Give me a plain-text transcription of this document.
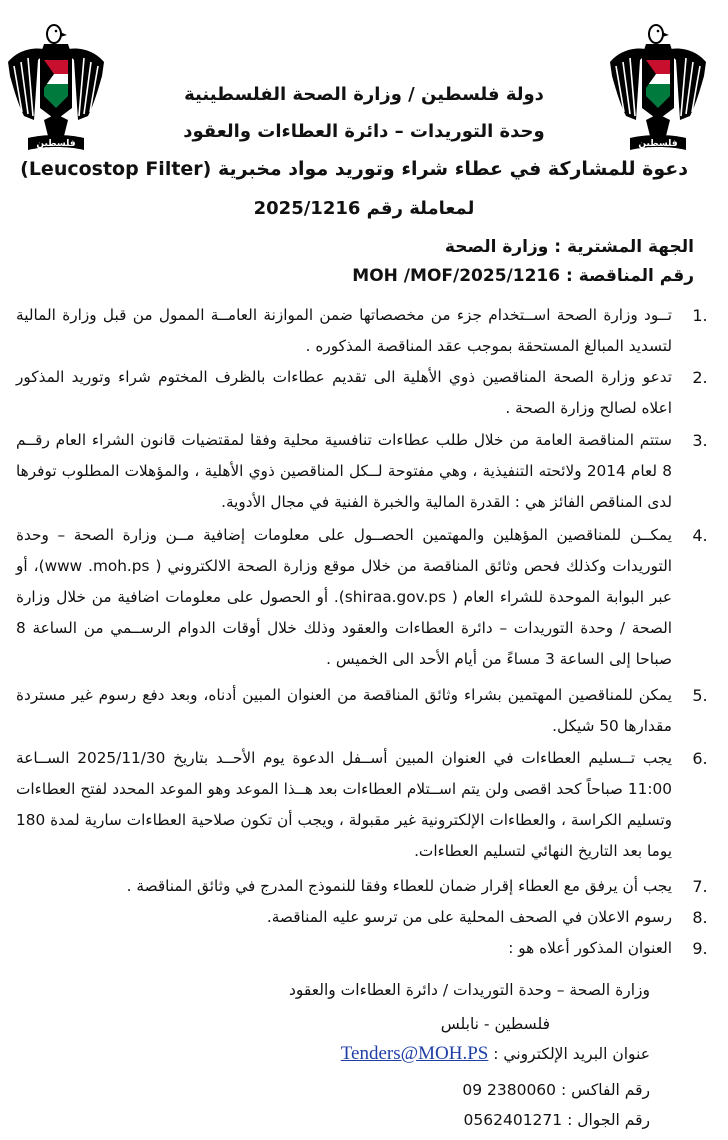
فلسطين	فلسطين
دولة فلسطين / وزارة الصحة الفلسطينية
وحدة التوريدات – دائرة العطاءات والعقود
دعوة للمشاركة في عطاء شراء وتوريد مواد مخبرية (Leucostop Filter)
لمعاملة رقم 2025/1216
الجهة المشترية : وزارة الصحة
رقم المناقصة : MOH /MOF/2025/1216
.1
تــود وزارة الصحة اســتخدام جزء من مخصصاتها ضمن الموازنة العامــة الممول من قبل وزارة المالية لتسديد المبالغ المستحقة بموجب عقد المناقصة المذكوره .
.2
تدعو وزارة الصحة المناقصين ذوي الأهلية الى تقديم عطاءات بالظرف المختوم شراء وتوريد المذكور اعلاه لصالح وزارة الصحة .
.3
ستتم المناقصة العامة من خلال طلب عطاءات تنافسية محلية وفقا لمقتضيات قانون الشراء العام رقــم 8 لعام 2014 ولائحته التنفيذية ، وهي مفتوحة لــكل المناقصين ذوي الأهلية ، والمؤهلات المطلوب توفرها لدى المناقص الفائز هي : القدرة المالية والخبرة الفنية في مجال الأدوية.
.4
يمكــن للمناقصين المؤهلين والمهتمين الحصــول على معلومات إضافية مــن وزارة الصحة – وحدة التوريدات وكذلك فحص وثائق المناقصة من خلال موقع وزارة الصحة الالكتروني ( www .moh.ps)، أو عبر البوابة الموحدة للشراء العام ( shiraa.gov.ps). أو الحصول على معلومات اضافية من خلال وزارة الصحة / وحدة التوريدات – دائرة العطاءات والعقود وذلك خلال أوقات الدوام الرســمي من الساعة 8 صباحا إلى الساعة 3 مساءً من أيام الأحد الى الخميس .
.5
يمكن للمناقصين المهتمين بشراء وثائق المناقصة من العنوان المبين أدناه، وبعد دفع رسوم غير مستردة مقدارها 50 شيكل.
.6
يجب تــسليم العطاءات في العنوان المبين أســفل الدعوة يوم الأحــد بتاريخ 2025/11/30 الســاعة 11:00 صباحاً كحد اقصى ولن يتم اســتلام العطاءات بعد هــذا الموعد وهو الموعد المحدد لفتح العطاءات وتسليم الكراسة ، والعطاءات الإلكترونية غير مقبولة ، ويجب أن تكون صلاحية العطاءات سارية لمدة 180 يوما بعد التاريخ النهائي لتسليم العطاءات.
.7
يجب أن يرفق مع العطاء إقرار ضمان للعطاء وفقا للنموذج المدرج في وثائق المناقصة .
.8
رسوم الاعلان في الصحف المحلية على من ترسو عليه المناقصة.
.9
العنوان المذكور أعلاه هو :
وزارة الصحة – وحدة التوريدات / دائرة العطاءات والعقود
فلسطين - نابلس
عنوان البريد الإلكتروني : Tenders@MOH.PS
رقم الفاكس : 09 2380060
رقم الجوال : 0562401271
